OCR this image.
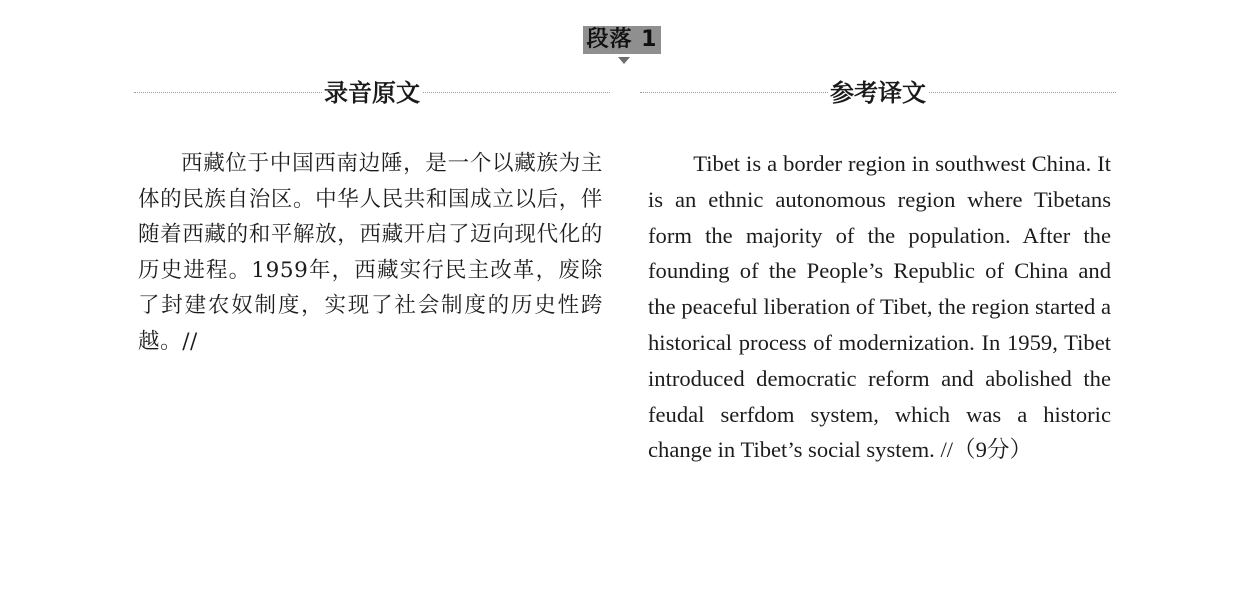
段落 1
录音原文	参考译文

西藏位于中国西南边陲，是一个以藏族为主体的民族自治区。中华人民共和国成立以后，伴随着西藏的和平解放，西藏开启了迈向现代化的历史进程。1959年，西藏实行民主改革，废除了封建农奴制度，实现了社会制度的历史性跨越。//

Tibet is a border region in southwest China. It is an ethnic autonomous region where Tibetans form the majority of the population. After the founding of the People’s Republic of China and the peaceful liberation of Tibet, the region started a historical process of modernization. In 1959, Tibet introduced democratic reform and abolished the feudal serfdom system, which was a historic change in Tibet’s social system. //（9分）
